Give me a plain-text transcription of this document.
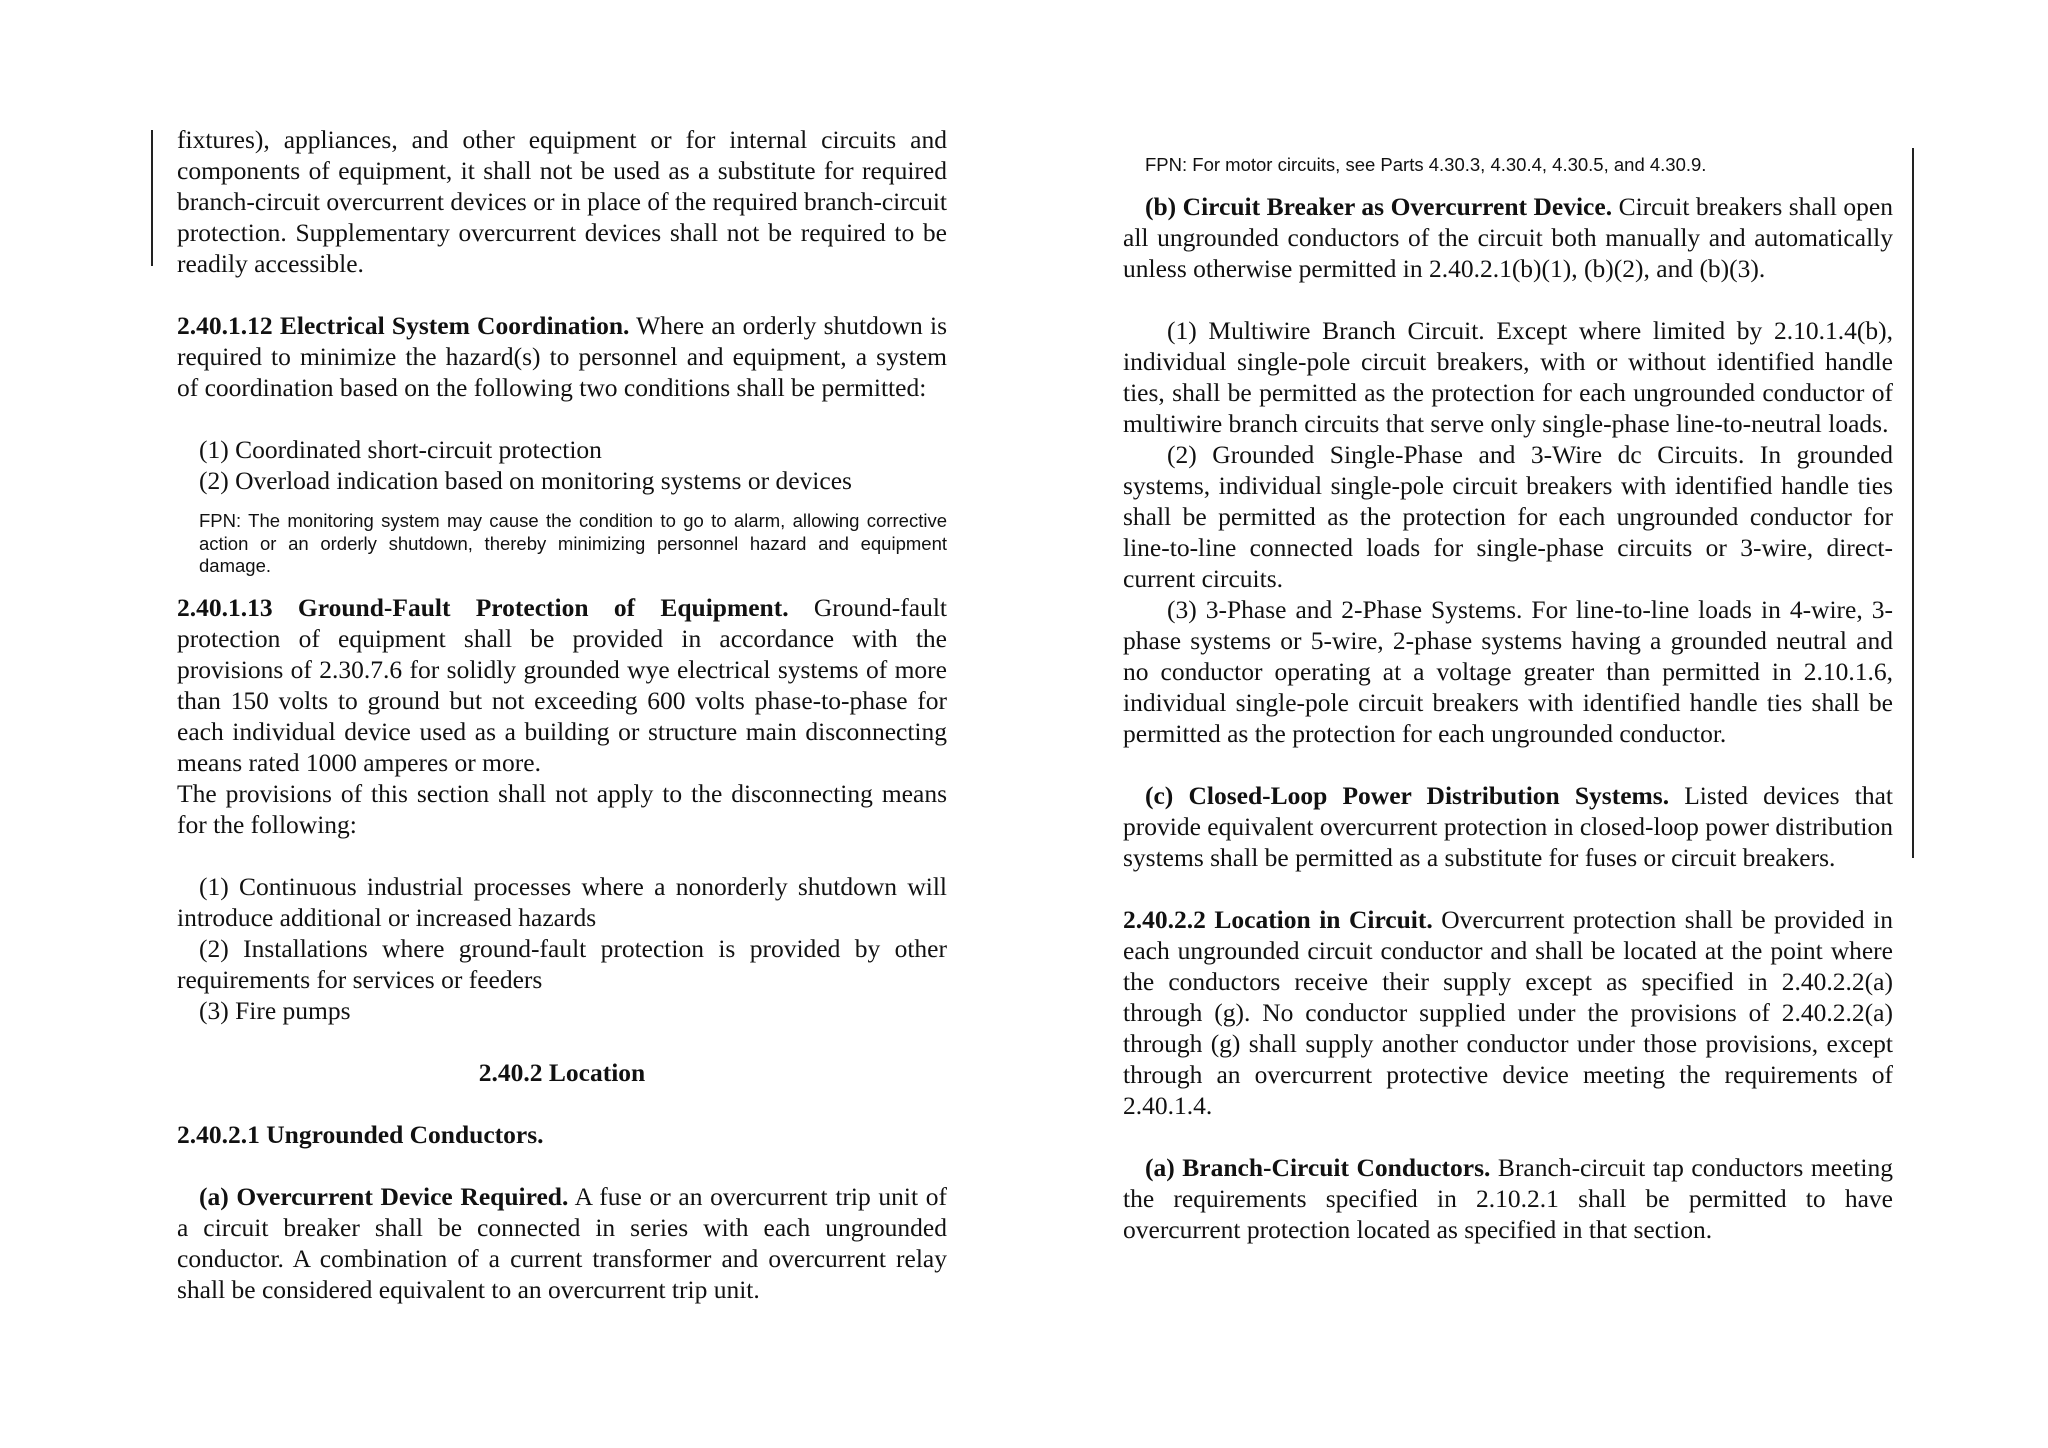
fixtures), appliances, and other equipment or for internal circuits and components of equipment, it shall not be used as a substitute for required branch-circuit overcurrent devices or in place of the required branch-circuit protection. Supplementary overcurrent devices shall not be required to be readily accessible.

2.40.1.12 Electrical System Coordination. Where an orderly shutdown is required to minimize the hazard(s) to personnel and equipment, a system of coordination based on the following two conditions shall be permitted:

(1) Coordinated short-circuit protection

(2) Overload indication based on monitoring systems or devices

FPN: The monitoring system may cause the condition to go to alarm, allowing corrective action or an orderly shutdown, thereby minimizing personnel hazard and equipment damage.

2.40.1.13 Ground-Fault Protection of Equipment. Ground-fault protection of equipment shall be provided in accordance with the provisions of 2.30.7.6 for solidly grounded wye electrical systems of more than 150 volts to ground but not exceeding 600 volts phase-to-phase for each individual device used as a building or structure main disconnecting means rated 1000 amperes or more.

The provisions of this section shall not apply to the disconnecting means for the following:

(1) Continuous industrial processes where a nonorderly shutdown will introduce additional or increased hazards

(2) Installations where ground-fault protection is provided by other requirements for services or feeders

(3) Fire pumps

2.40.2 Location

2.40.2.1 Ungrounded Conductors.

(a) Overcurrent Device Required. A fuse or an overcurrent trip unit of a circuit breaker shall be connected in series with each ungrounded conductor. A combination of a current transformer and overcurrent relay shall be considered equivalent to an overcurrent trip unit.

FPN: For motor circuits, see Parts 4.30.3, 4.30.4, 4.30.5, and 4.30.9.

(b) Circuit Breaker as Overcurrent Device. Circuit breakers shall open all ungrounded conductors of the circuit both manually and automatically unless otherwise permitted in 2.40.2.1(b)(1), (b)(2), and (b)(3).

(1) Multiwire Branch Circuit. Except where limited by 2.10.1.4(b), individual single-pole circuit breakers, with or without identified handle ties, shall be permitted as the protection for each ungrounded conductor of multiwire branch circuits that serve only single-phase line-to-neutral loads.

(2) Grounded Single-Phase and 3-Wire dc Circuits. In grounded systems, individual single-pole circuit breakers with identified handle ties shall be permitted as the protection for each ungrounded conductor for line-to-line connected loads for single-phase circuits or 3-wire, direct-current circuits.

(3) 3-Phase and 2-Phase Systems. For line-to-line loads in 4-wire, 3-phase systems or 5-wire, 2-phase systems having a grounded neutral and no conductor operating at a voltage greater than permitted in 2.10.1.6, individual single-pole circuit breakers with identified handle ties shall be permitted as the protection for each ungrounded conductor.

(c) Closed-Loop Power Distribution Systems. Listed devices that provide equivalent overcurrent protection in closed-loop power distribution systems shall be permitted as a substitute for fuses or circuit breakers.

2.40.2.2 Location in Circuit. Overcurrent protection shall be provided in each ungrounded circuit conductor and shall be located at the point where the conductors receive their supply except as specified in 2.40.2.2(a) through (g). No conductor supplied under the provisions of 2.40.2.2(a) through (g) shall supply another conductor under those provisions, except through an overcurrent protective device meeting the requirements of 2.40.1.4.

(a) Branch-Circuit Conductors. Branch-circuit tap conductors meeting the requirements specified in 2.10.2.1 shall be permitted to have overcurrent protection located as specified in that section.
